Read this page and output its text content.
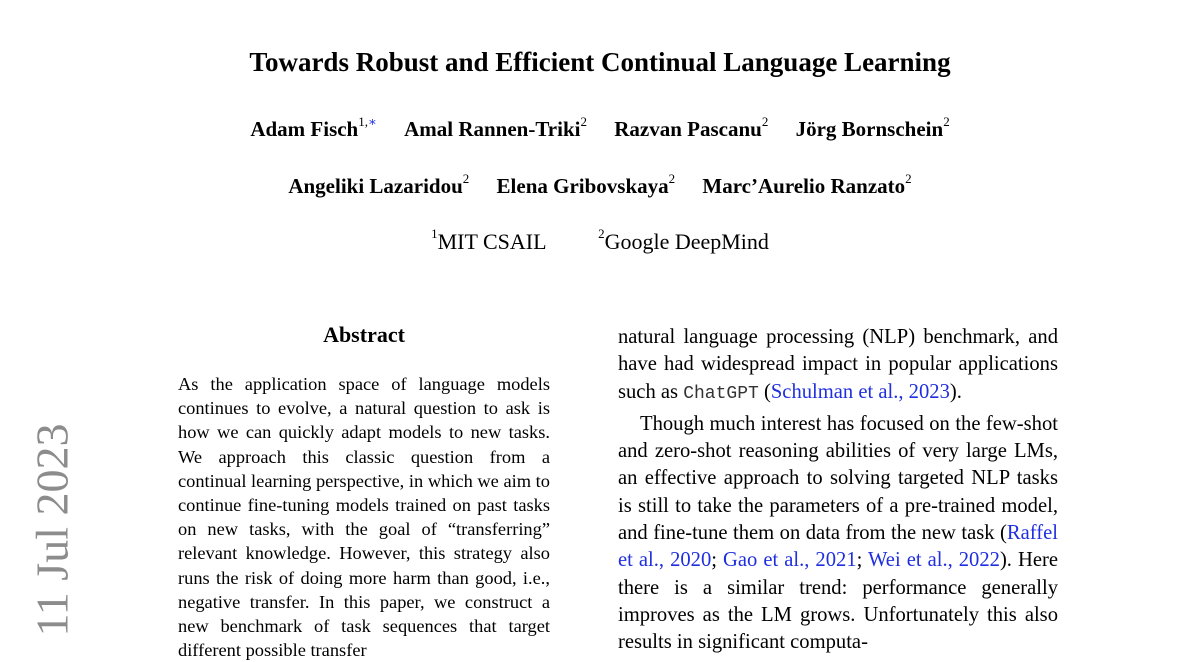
Towards Robust and Efficient Continual Language Learning
Adam Fisch$^{1,∗}$ Amal Rannen-Triki$^2$ Razvan Pascanu$^2$ Jörg Bornschein$^2$
Angeliki Lazaridou$^2$ Elena Gribovskaya$^2$ Marc’Aurelio Ranzato$^2$
$^1$MIT CSAIL	$^2$Google DeepMind
11 Jul 2023
Abstract
As the application space of language models continues to evolve, a natural question to ask is how we can quickly adapt models to new tasks. We approach this classic question from a continual learning perspective, in which we aim to continue fine-tuning models trained on past tasks on new tasks, with the goal of “transferring” relevant knowledge. However, this strategy also runs the risk of doing more harm than good, i.e., negative transfer. In this paper, we construct a new benchmark of task sequences that target different possible transfer

natural language processing (NLP) benchmark, and have had widespread impact in popular applications such as ChatGPT (Schulman et al., 2023).

Though much interest has focused on the few-shot and zero-shot reasoning abilities of very large LMs, an effective approach to solving targeted NLP tasks is still to take the parameters of a pre-trained model, and fine-tune them on data from the new task (Raffel et al., 2020; Gao et al., 2021; Wei et al., 2022). Here there is a similar trend: performance generally improves as the LM grows. Unfortunately this also results in significant computa-
